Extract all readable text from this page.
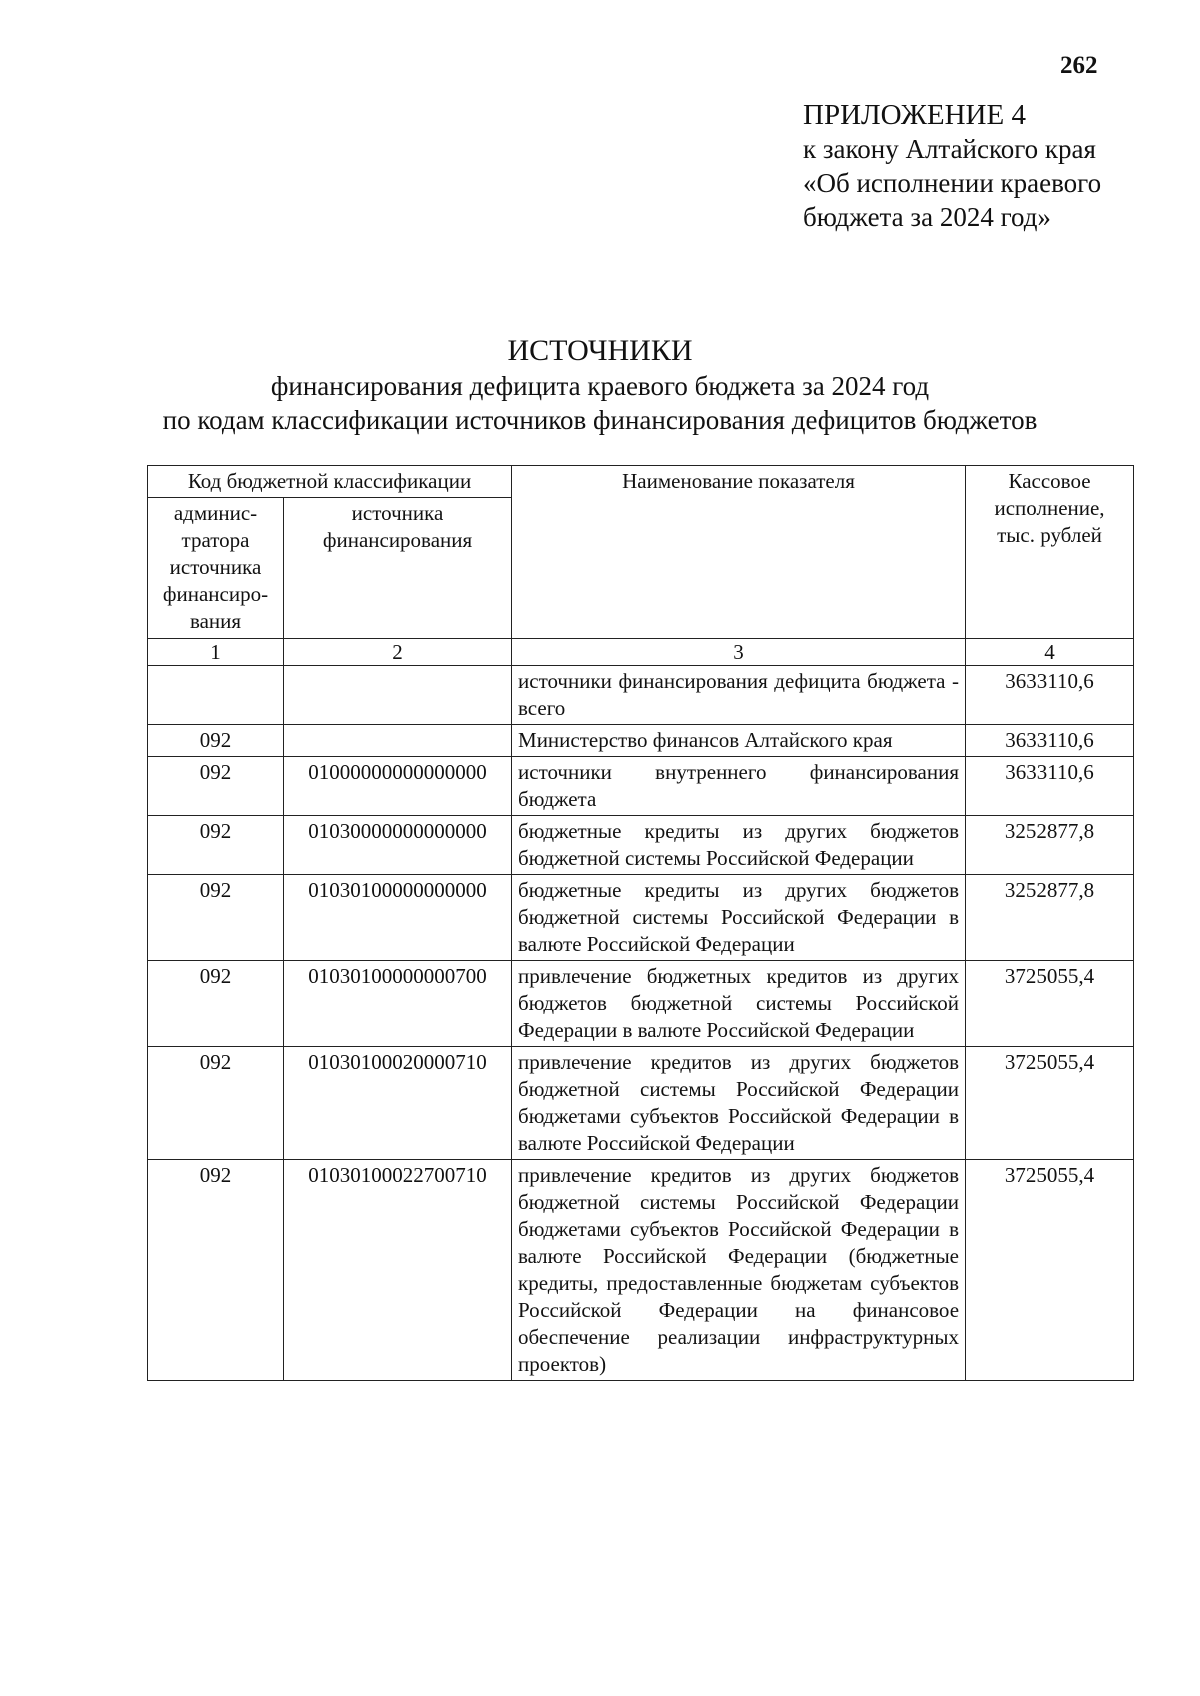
262
ПРИЛОЖЕНИЕ 4
к закону Алтайского края
«Об исполнении краевого
бюджета за 2024 год»
ИСТОЧНИКИ
финансирования дефицита краевого бюджета за 2024 год
по кодам классификации источников финансирования дефицитов бюджетов
Код бюджетной классификации		Наименование показателя	Кассовое
исполнение,
тыс. рублей
админис-
тратора
источника
финансиро-
вания	источника
финансирования		
1	2	3	4
		источники финансирования дефицита бюджета - всего	3633110,6
092		Министерство финансов Алтайского края	3633110,6
092	01000000000000000	источники внутреннего финансирования бюджета	3633110,6
092	01030000000000000	бюджетные кредиты из других бюджетов бюджетной системы Российской Федерации	3252877,8
092	01030100000000000	бюджетные кредиты из других бюджетов бюджетной системы Российской Федерации в валюте Российской Федерации	3252877,8
092	01030100000000700	привлечение бюджетных кредитов из других бюджетов бюджетной системы Российской Федерации в валюте Российской Федерации	3725055,4
092	01030100020000710	привлечение кредитов из других бюджетов бюджетной системы Российской Федерации бюджетами субъектов Российской Федерации в валюте Российской Федерации	3725055,4
092	01030100022700710	привлечение кредитов из других бюджетов бюджетной системы Российской Федерации бюджетами субъектов Российской Федерации в валюте Российской Федерации (бюджетные кредиты, предоставленные бюджетам субъектов Российской Федерации на финансовое обеспечение реализации инфраструктурных проектов)	3725055,4
